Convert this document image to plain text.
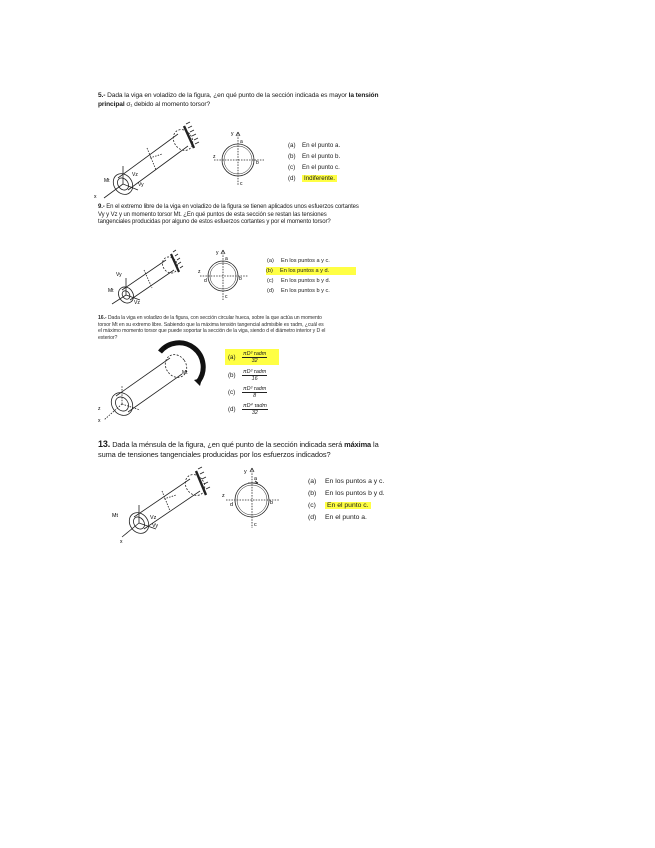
5.- Dada la viga en voladizo de la figura, ¿en qué punto de la sección indicada es mayor la tensión principal σ₁ debido al momento torsor?
x
Mt
Vz
Vy
y
z
a
b
c
(a) En el punto a.
(b) En el punto b.
(c) En el punto c.
(d) Indiferente.
9.- En el extremo libre de la viga en voladizo de la figura se tienen aplicados unos esfuerzos cortantes Vy y Vz y un momento torsor Mt. ¿En qué puntos de esta sección se restan las tensiones tangenciales producidas por alguno de estos esfuerzos cortantes y por el momento torsor?
Vy
Mt
Vz
y
z
a
b
c
d
(a) En los puntos a y c.
(b) En los puntos a y d.
(c) En los puntos b y d.
(d) En los puntos b y c.
16.- Dada la viga en voladizo de la figura, con sección circular hueca, sobre la que actúa un momento torsor Mt en su extremo libre. Sabiendo que la máxima tensión tangencial admisible es τadm, ¿cuál es el máximo momento torsor que puede soportar la sección de la viga, siendo d el diámetro interior y D el exterior?
y
Mt
x
z
$(a) \frac{\text{πD³ τadm}}{32}$
$(b) \frac{\text{πD³ τadm}}{16}$
$(c) \frac{\text{πD³ τadm}}{8}$
$(d) \frac{\text{πD⁴ τadm}}{32}$
13. Dada la ménsula de la figura, ¿en qué punto de la sección indicada será máxima la suma de tensiones tangenciales producidas por los esfuerzos indicados?
Mt	Vz
Vy
x
y
z
a
b
c
d
(a) En los puntos a y c.
(b) En los puntos b y d.
(c) En el punto c.
(d) En el punto a.
